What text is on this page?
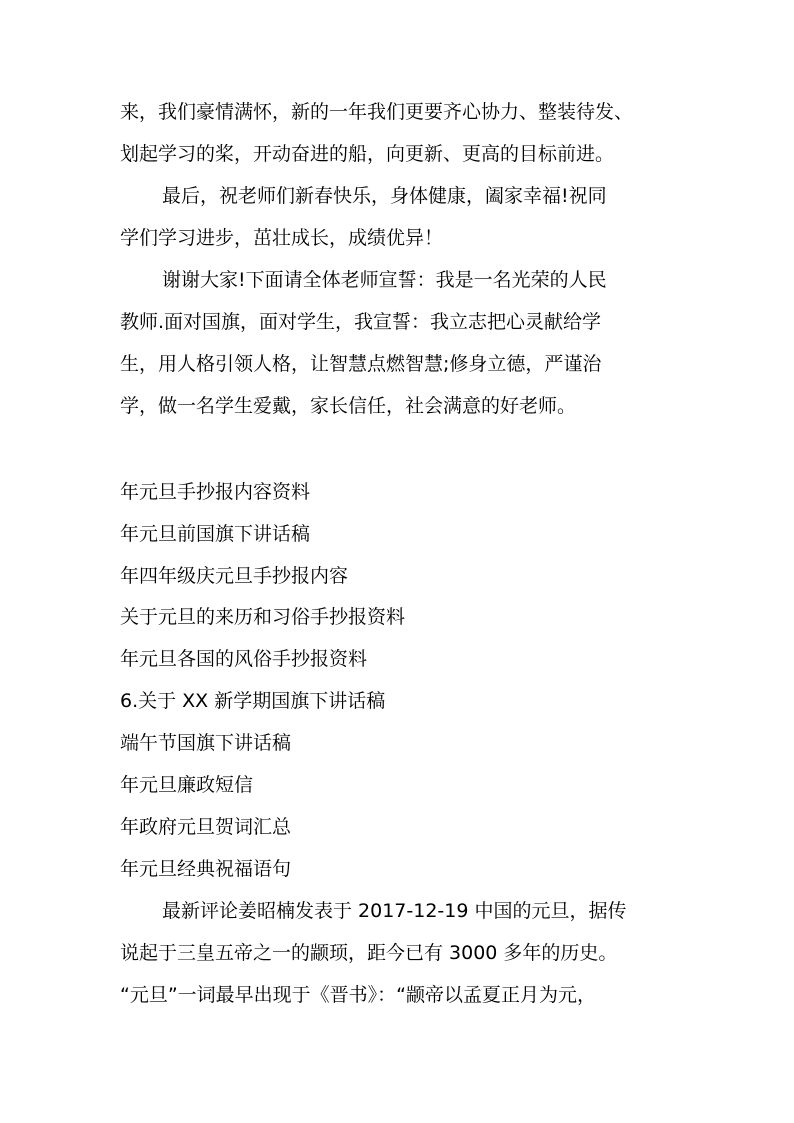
来，我们豪情满怀，新的一年我们更要齐心协力、整装待发、
划起学习的桨，开动奋进的船，向更新、更高的目标前进。
最后，祝老师们新春快乐，身体健康，阖家幸福!祝同
学们学习进步，茁壮成长，成绩优异！
谢谢大家!下面请全体老师宣誓：我是一名光荣的人民
教师.面对国旗，面对学生，我宣誓：我立志把心灵献给学
生，用人格引领人格，让智慧点燃智慧;修身立德，严谨治
学，做一名学生爱戴，家长信任，社会满意的好老师。
年元旦手抄报内容资料
年元旦前国旗下讲话稿
年四年级庆元旦手抄报内容
关于元旦的来历和习俗手抄报资料
年元旦各国的风俗手抄报资料
6.关于 XX 新学期国旗下讲话稿
端午节国旗下讲话稿
年元旦廉政短信
年政府元旦贺词汇总
年元旦经典祝福语句
最新评论姜昭楠发表于 2017-12-19 中国的元旦，据传
说起于三皇五帝之一的颛顼，距今已有 3000 多年的历史。
“元旦”一词最早出现于《晋书》：“颛帝以孟夏正月为元，
